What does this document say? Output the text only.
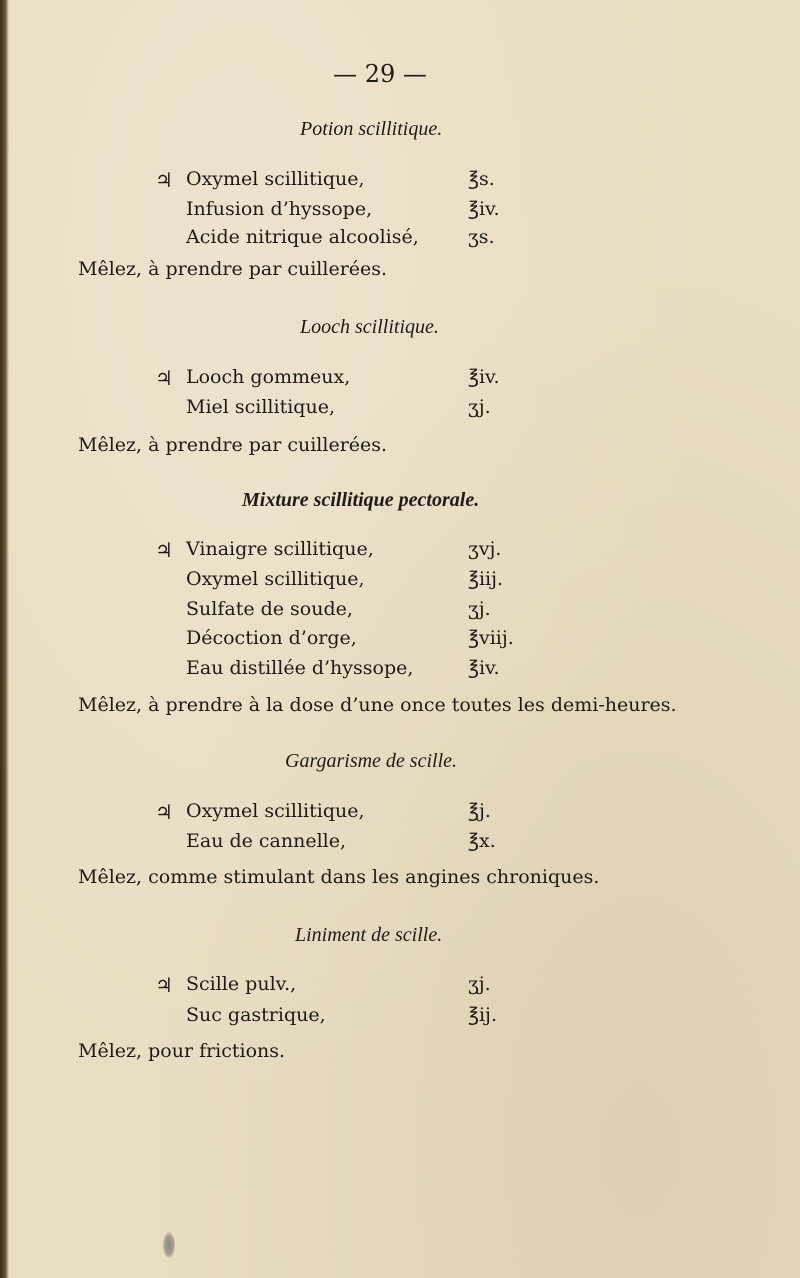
— 29 —
Potion scillitique.
♃ Oxymel scillitique,	℥s.
Infusion d’hyssope,	℥iv.
Acide nitrique alcoolisé,	ʒs.
Mêlez, à prendre par cuillerées.
Looch scillitique.
♃ Looch gommeux,	℥iv.
Miel scillitique,	ʒj.
Mêlez, à prendre par cuillerées.
Mixture scillitique pectorale.
♃ Vinaigre scillitique,	ʒvj.
Oxymel scillitique,	℥iij.
Sulfate de soude,	ʒj.
Décoction d’orge,	℥viij.
Eau distillée d’hyssope,	℥iv.
Mêlez, à prendre à la dose d’une once toutes les demi-heures.
Gargarisme de scille.
♃ Oxymel scillitique,	℥j.
Eau de cannelle,	℥x.
Mêlez, comme stimulant dans les angines chroniques.
Liniment de scille.
♃ Scille pulv.,	ʒj.
Suc gastrique,	℥ij.
Mêlez, pour frictions.
